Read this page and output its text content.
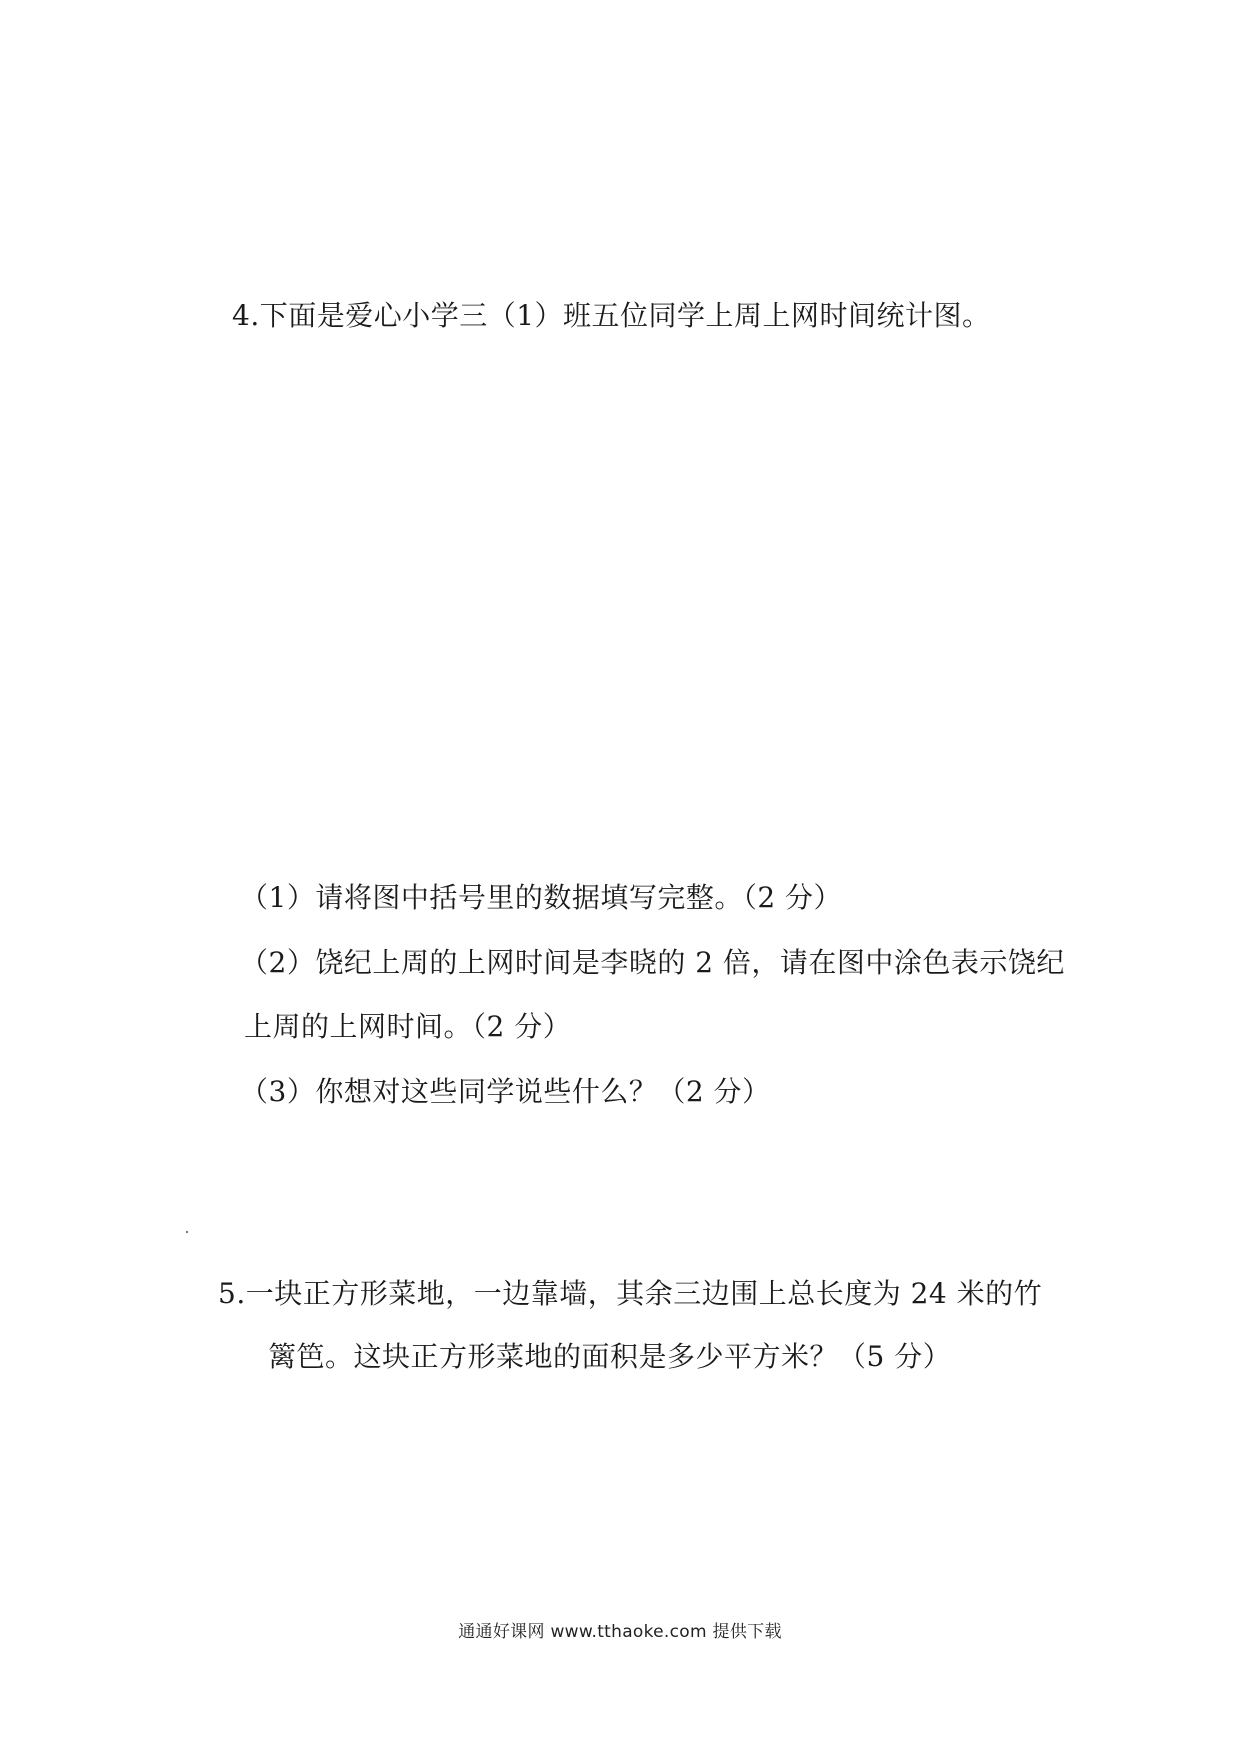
4.下面是爱心小学三（1）班五位同学上周上网时间统计图。
（1）请将图中括号里的数据填写完整。（2 分）
（2）饶纪上周的上网时间是李晓的 2 倍，请在图中涂色表示饶纪
上周的上网时间。（2 分）
（3）你想对这些同学说些什么？（2 分）
5.一块正方形菜地，一边靠墙，其余三边围上总长度为 24 米的竹
篱笆。这块正方形菜地的面积是多少平方米？（5 分）
通通好课网 www.tthaoke.com 提供下载
